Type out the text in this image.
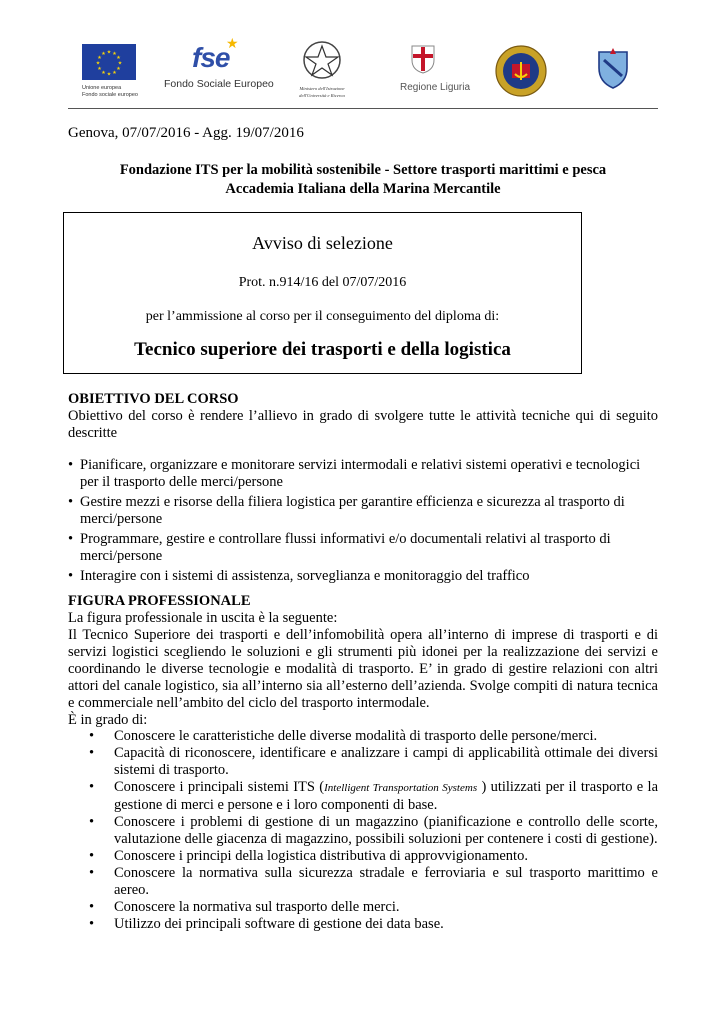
★
★
★
★
★
★
★
★
★ ★ ★
★
Unione europea
Fondo sociale europeo
fse
★
Fondo Sociale Europeo	Ministero dell'Istruzione
dell'Università e Ricerca
Regione Liguria
Genova, 07/07/2016 - Agg. 19/07/2016
Fondazione ITS per la mobilità sostenibile - Settore trasporti marittimi e pesca
Accademia Italiana della Marina Mercantile
Avviso di selezione
Prot. n.914/16 del 07/07/2016
per l’ammissione al corso per il conseguimento del diploma di:
Tecnico superiore dei trasporti e della logistica
OBIETTIVO DEL CORSO
Obiettivo del corso è rendere l’allievo in grado di svolgere tutte le attività tecniche qui di seguito descritte
• Pianificare, organizzare e monitorare servizi intermodali e relativi sistemi operativi e tecnologici per il trasporto delle merci/persone
• Gestire mezzi e risorse della filiera logistica per garantire efficienza e sicurezza al trasporto di merci/persone
• Programmare, gestire e controllare flussi informativi e/o documentali relativi al trasporto di merci/persone
• Interagire con i sistemi di assistenza, sorveglianza e monitoraggio del traffico
FIGURA PROFESSIONALE
La figura professionale in uscita è la seguente:
Il Tecnico Superiore dei trasporti e dell’infomobilità opera all’interno di imprese di trasporti e di servizi logistici scegliendo le soluzioni e gli strumenti più idonei per la realizzazione dei servizi e coordinando le diverse tecnologie e modalità di trasporto. E’ in grado di gestire relazioni con altri attori del canale logistico, sia all’interno sia all’esterno dell’azienda. Svolge compiti di natura tecnica e commerciale nell’ambito del ciclo del trasporto intermodale.
È in grado di:
• Conoscere le caratteristiche delle diverse modalità di trasporto delle persone/merci.
• Capacità di riconoscere, identificare e analizzare i campi di applicabilità ottimale dei diversi sistemi di trasporto.
• Conoscere i principali sistemi ITS (Intelligent Transportation Systems ) utilizzati per il trasporto e la gestione di merci e persone e i loro componenti di base.
• Conoscere i problemi di gestione di un magazzino (pianificazione e controllo delle scorte, valutazione delle giacenza di magazzino, possibili soluzioni per contenere i costi di gestione).
• Conoscere i principi della logistica distributiva di approvvigionamento.
• Conoscere la normativa sulla sicurezza stradale e ferroviaria e sul trasporto marittimo e aereo.
• Conoscere la normativa sul trasporto delle merci.
• Utilizzo dei principali software di gestione dei data base.
